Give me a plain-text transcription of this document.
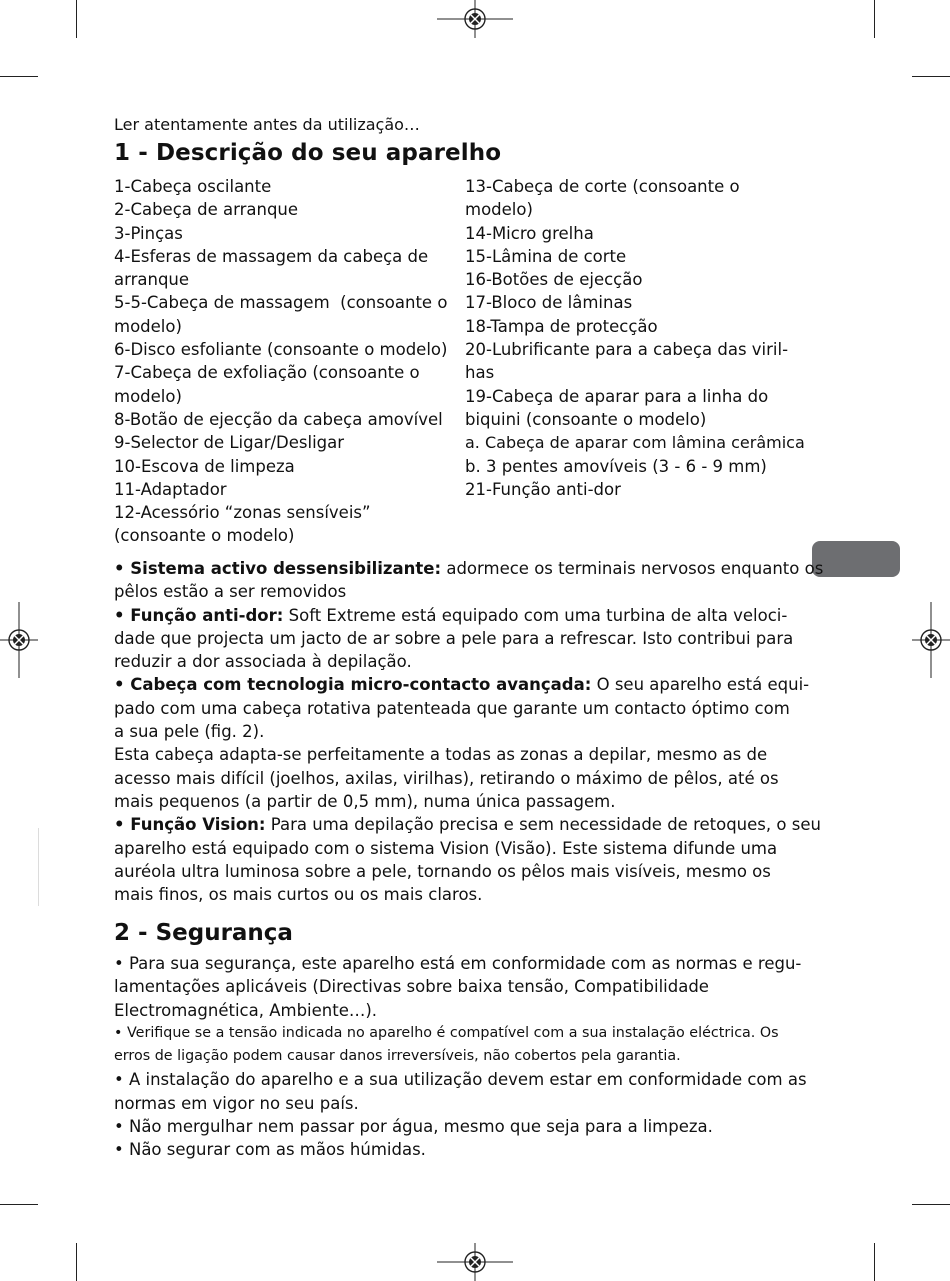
Ler atentamente antes da utilização…
1 - Descrição do seu aparelho
1-Cabeça oscilante
2-Cabeça de arranque
3-Pinças
4-Esferas de massagem da cabeça de
arranque
5-5-Cabeça de massagem  (consoante o
modelo)
6-Disco esfoliante (consoante o modelo)
7-Cabeça de exfoliação (consoante o
modelo)
8-Botão de ejecção da cabeça amovível
9-Selector de Ligar/Desligar
10-Escova de limpeza
11-Adaptador
12-Acessório “zonas sensíveis”
(consoante o modelo)
13-Cabeça de corte (consoante o
modelo)
14-Micro grelha
15-Lâmina de corte
16-Botões de ejecção
17-Bloco de lâminas
18-Tampa de protecção
20-Lubrificante para a cabeça das viril-
has
19-Cabeça de aparar para a linha do
biquini (consoante o modelo)
a. Cabeça de aparar com lâmina cerâmica
b. 3 pentes amovíveis (3 - 6 - 9 mm)
21-Função anti-dor
• Sistema activo dessensibilizante: adormece os terminais nervosos enquanto os
pêlos estão a ser removidos
• Função anti-dor: Soft Extreme está equipado com uma turbina de alta veloci-
dade que projecta um jacto de ar sobre a pele para a refrescar. Isto contribui para
reduzir a dor associada à depilação.
• Cabeça com tecnologia micro-contacto avançada: O seu aparelho está equi-
pado com uma cabeça rotativa patenteada que garante um contacto óptimo com
a sua pele (fig. 2).
Esta cabeça adapta-se perfeitamente a todas as zonas a depilar, mesmo as de
acesso mais difícil (joelhos, axilas, virilhas), retirando o máximo de pêlos, até os
mais pequenos (a partir de 0,5 mm), numa única passagem.
• Função Vision: Para uma depilação precisa e sem necessidade de retoques, o seu
aparelho está equipado com o sistema Vision (Visão). Este sistema difunde uma
auréola ultra luminosa sobre a pele, tornando os pêlos mais visíveis, mesmo os
mais finos, os mais curtos ou os mais claros.
2 - Segurança
• Para sua segurança, este aparelho está em conformidade com as normas e regu-
lamentações aplicáveis (Directivas sobre baixa tensão, Compatibilidade
Electromagnética, Ambiente…).
• Verifique se a tensão indicada no aparelho é compatível com a sua instalação eléctrica. Os
erros de ligação podem causar danos irreversíveis, não cobertos pela garantia.
• A instalação do aparelho e a sua utilização devem estar em conformidade com as
normas em vigor no seu país.
• Não mergulhar nem passar por água, mesmo que seja para a limpeza.
• Não segurar com as mãos húmidas.
